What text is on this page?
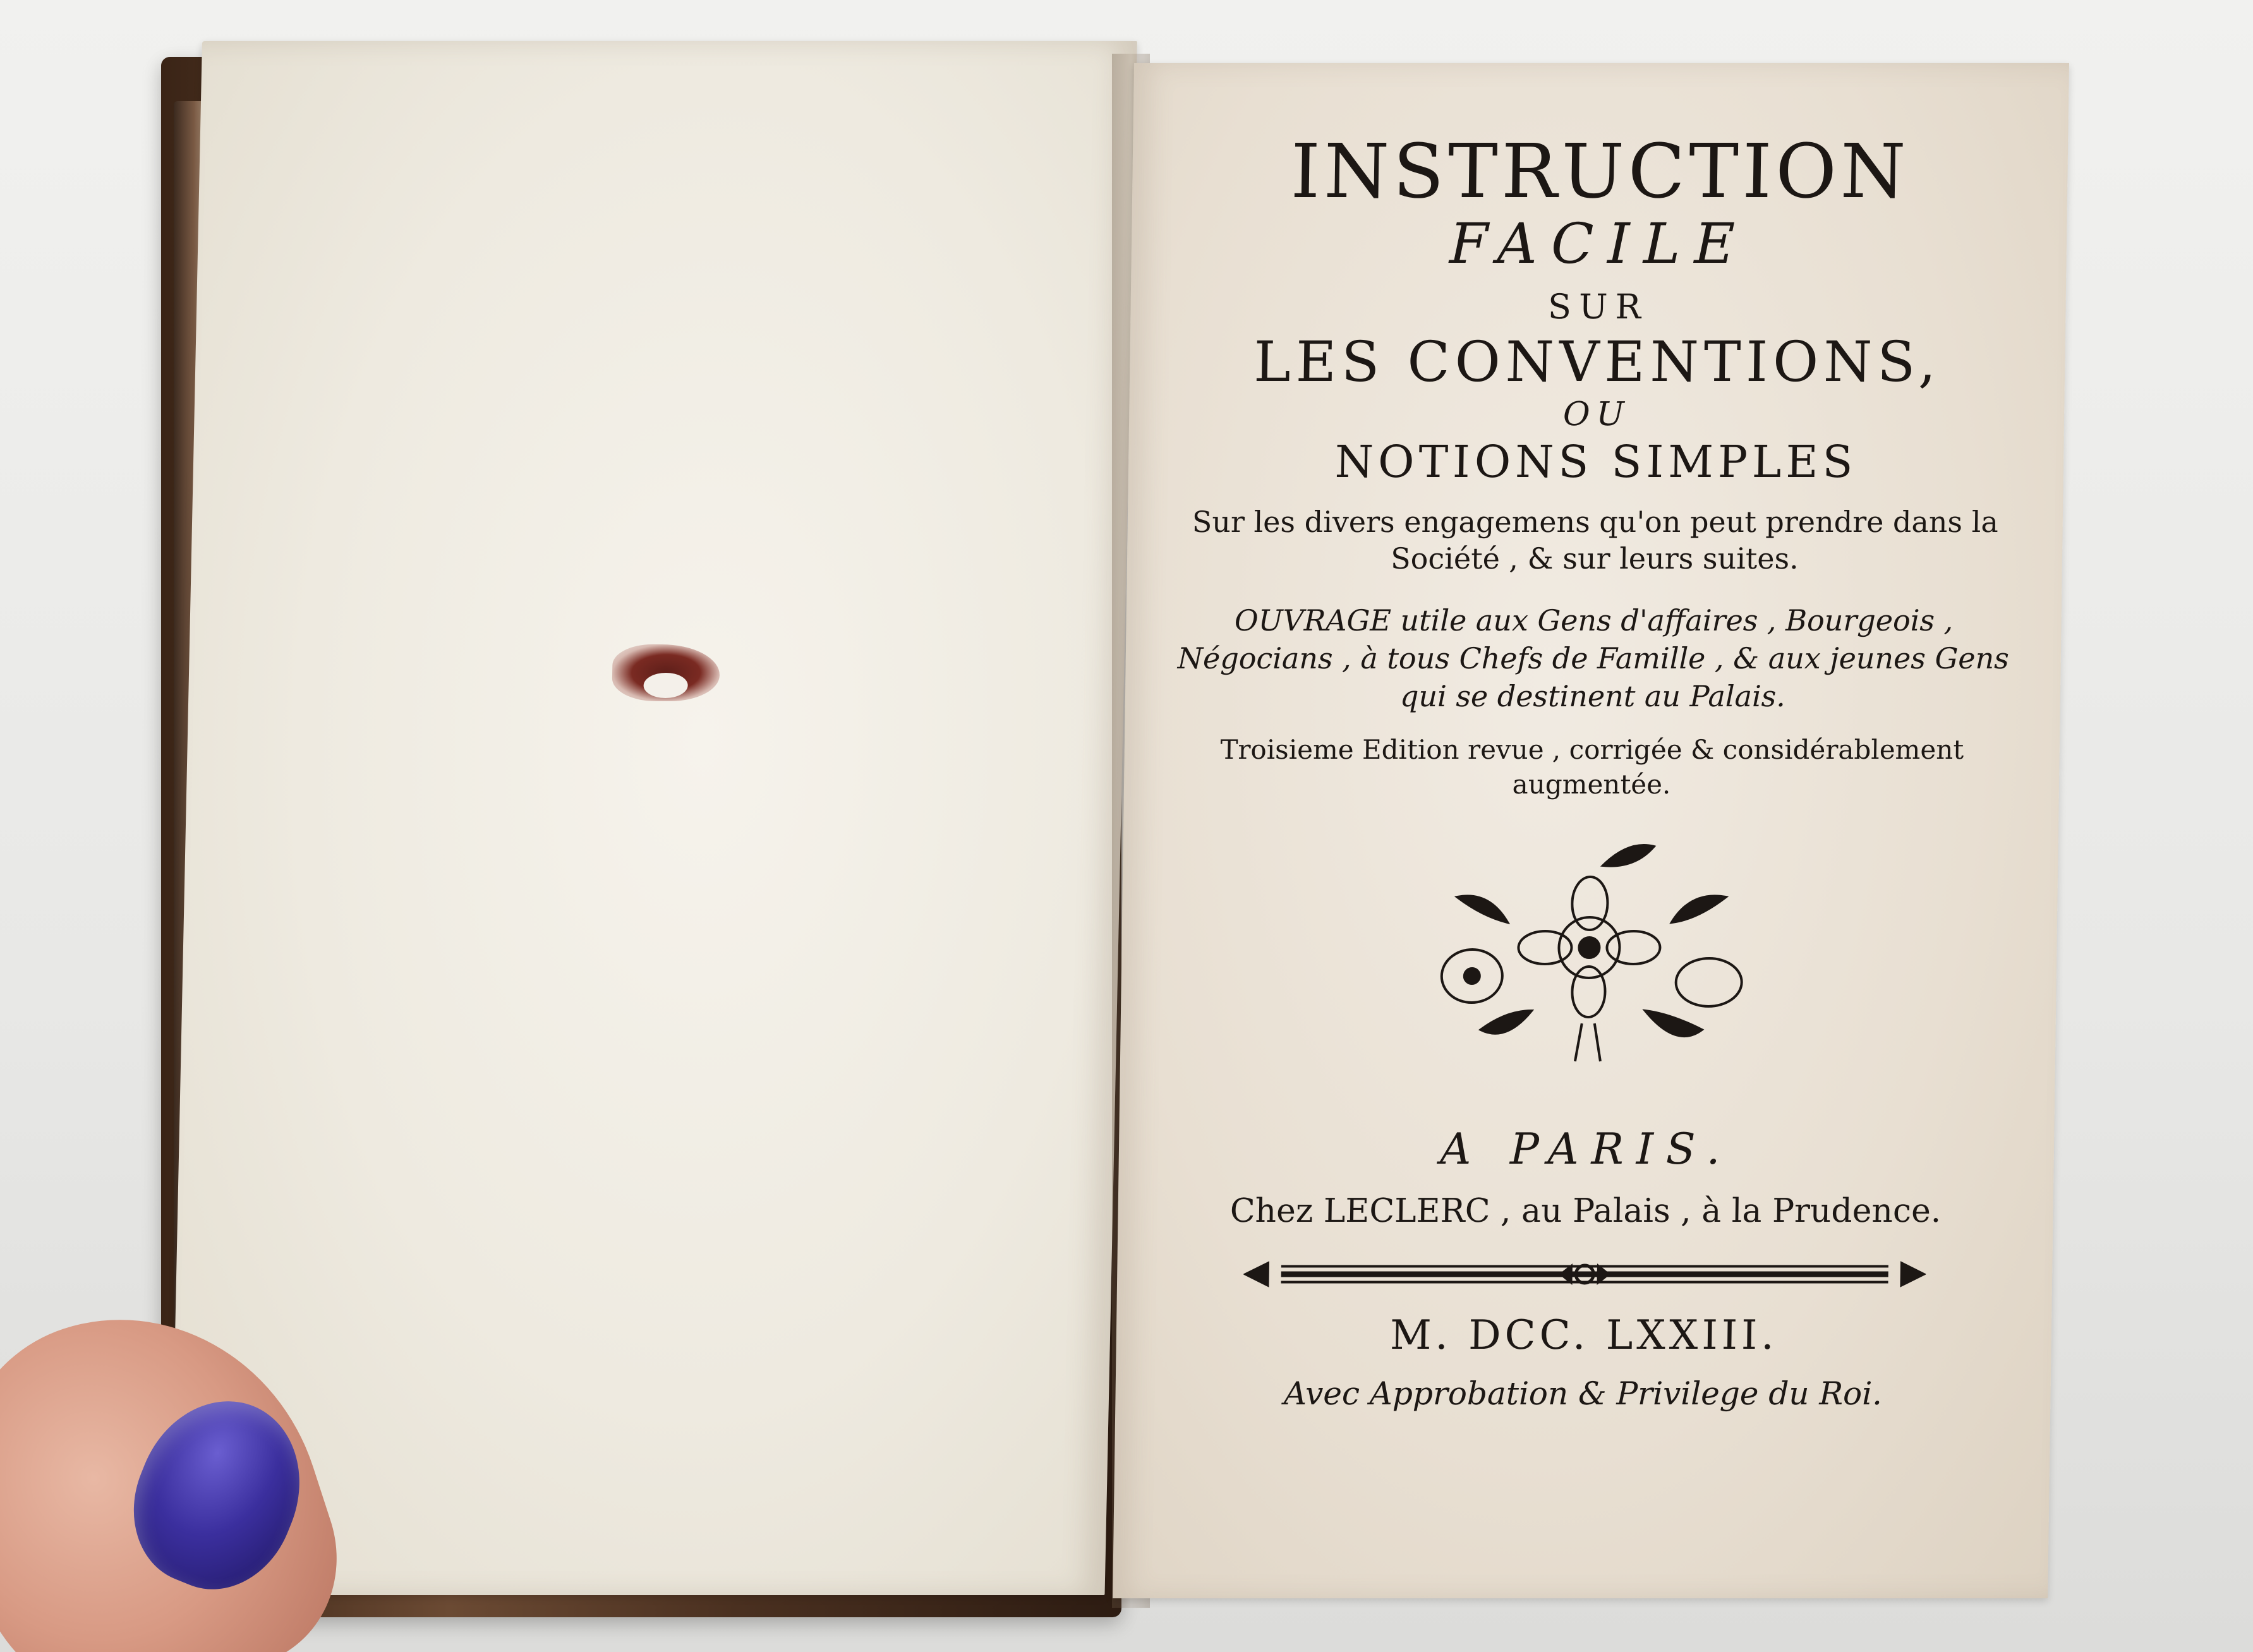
INSTRUCTION

FACILE

SUR

LES CONVENTIONS,

OU

NOTIONS SIMPLES

Sur les divers engagemens qu'on peut prendre dans la Société , & sur leurs suites.

OUVRAGE utile aux Gens d'affaires , Bourgeois , Négocians , à tous Chefs de Famille , & aux jeunes Gens qui se destinent au Palais.

Troisieme Edition revue , corrigée & considérablement augmentée.

A PARIS.

Chez LECLERC , au Palais , à la Prudence.

M. DCC. LXXIII.

Avec Approbation & Privilege du Roi.
